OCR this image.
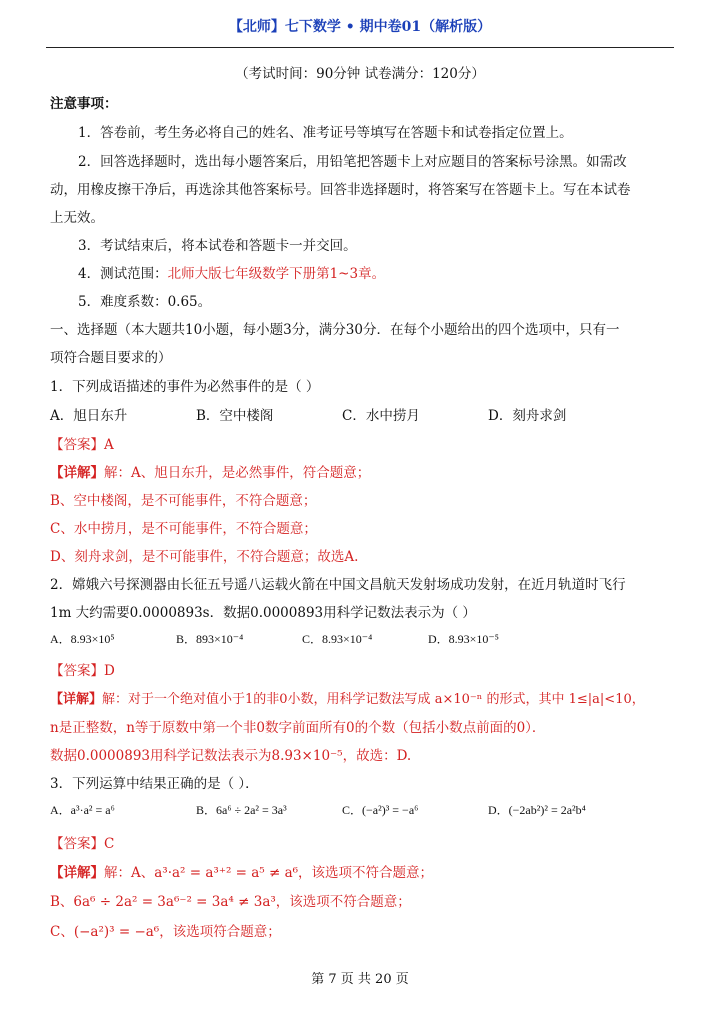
【北师】七下数学 • 期中卷01（解析版）
（考试时间：90分钟 试卷满分：120分）
注意事项：
1．答卷前，考生务必将自己的姓名、准考证号等填写在答题卡和试卷指定位置上。
2．回答选择题时，选出每小题答案后，用铅笔把答题卡上对应题目的答案标号涂黑。如需改
动，用橡皮擦干净后，再选涂其他答案标号。回答非选择题时，将答案写在答题卡上。写在本试卷
上无效。
3．考试结束后，将本试卷和答题卡一并交回。
4．测试范围：北师大版七年级数学下册第1~3章。
5．难度系数：0.65。
一、选择题（本大题共10小题，每小题3分，满分30分．在每个小题给出的四个选项中，只有一
项符合题目要求的）
1．下列成语描述的事件为必然事件的是（ ）
A．旭日东升	B．空中楼阁	C．水中捞月	D．刻舟求剑
【答案】A
【详解】解：A、旭日东升，是必然事件，符合题意；
B、空中楼阁，是不可能事件，不符合题意；
C、水中捞月，是不可能事件，不符合题意；
D、刻舟求剑，是不可能事件，不符合题意；故选A.
2．嫦娥六号探测器由长征五号遥八运载火箭在中国文昌航天发射场成功发射，在近月轨道时飞行
1m 大约需要0.0000893s．数据0.0000893用科学记数法表示为（ ）
A．8.93×10⁵	B．893×10⁻⁴	C．8.93×10⁻⁴	D．8.93×10⁻⁵
【答案】D
【详解】解：对于一个绝对值小于1的非0小数，用科学记数法写成 a×10⁻ⁿ 的形式，其中 1≤|a|<10，
n是正整数，n等于原数中第一个非0数字前面所有0的个数（包括小数点前面的0）．
数据0.0000893用科学记数法表示为8.93×10⁻⁵，故选：D.
3．下列运算中结果正确的是（ ）．
A．a³·a² = a⁶	B．6a⁶ ÷ 2a² = 3a³	C．(−a²)³ = −a⁶	D．(−2ab²)² = 2a²b⁴
【答案】C
【详解】解：A、a³·a² = a³⁺² = a⁵ ≠ a⁶，该选项不符合题意；
B、6a⁶ ÷ 2a² = 3a⁶⁻² = 3a⁴ ≠ 3a³，该选项不符合题意；
C、(−a²)³ = −a⁶，该选项符合题意；
第 7 页 共 20 页
